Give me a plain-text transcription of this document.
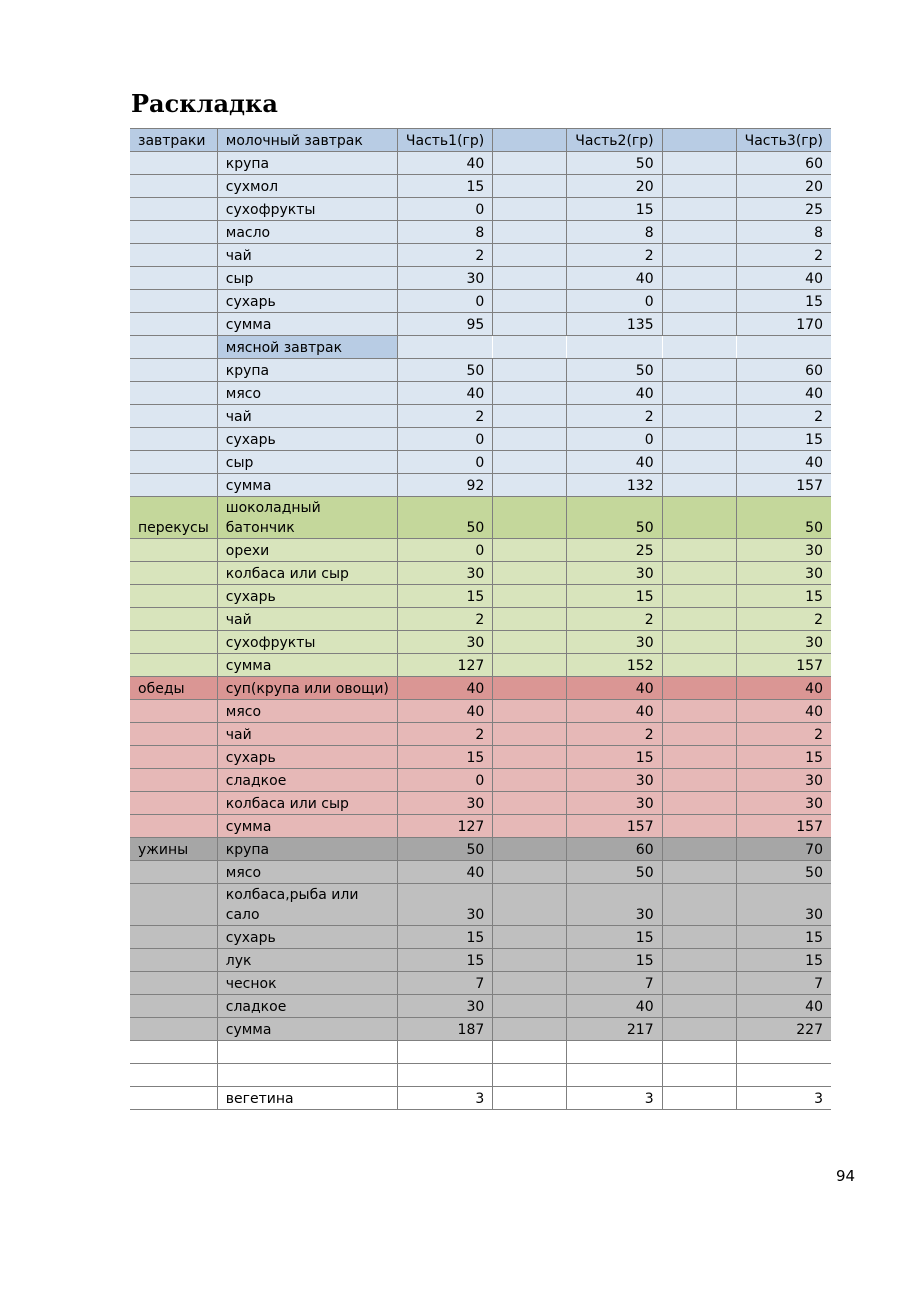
Раскладка
завтраки	молочный завтрак	Часть1(гр)		Часть2(гр)		Часть3(гр)
	крупа	40		50		60
	сухмол	15		20		20
	сухофрукты	0		15		25
	масло	8		8		8
	чай	2		2		2
	сыр	30		40		40
	сухарь	0		0		15
	сумма	95		135		170
	мясной завтрак					
	крупа	50		50		60
	мясо	40		40		40
	чай	2		2		2
	сухарь	0		0		15
	сыр	0		40		40
	сумма	92		132		157
перекусы	шоколадный батончик	50		50		50
	орехи	0		25		30
	колбаса или сыр	30		30		30
	сухарь	15		15		15
	чай	2		2		2
	сухофрукты	30		30		30
	сумма	127		152		157
обеды	суп(крупа или овощи)	40		40		40
	мясо	40		40		40
	чай	2		2		2
	сухарь	15		15		15
	сладкое	0		30		30
	колбаса или сыр	30		30		30
	сумма	127		157		157
ужины	крупа	50		60		70
	мясо	40		50		50
	колбаса,рыба или сало	30		30		30
	сухарь	15		15		15
	лук	15		15		15
	чеснок	7		7		7
	сладкое	30		40		40
	сумма	187		217		227

	вегетина	3		3		3
94
